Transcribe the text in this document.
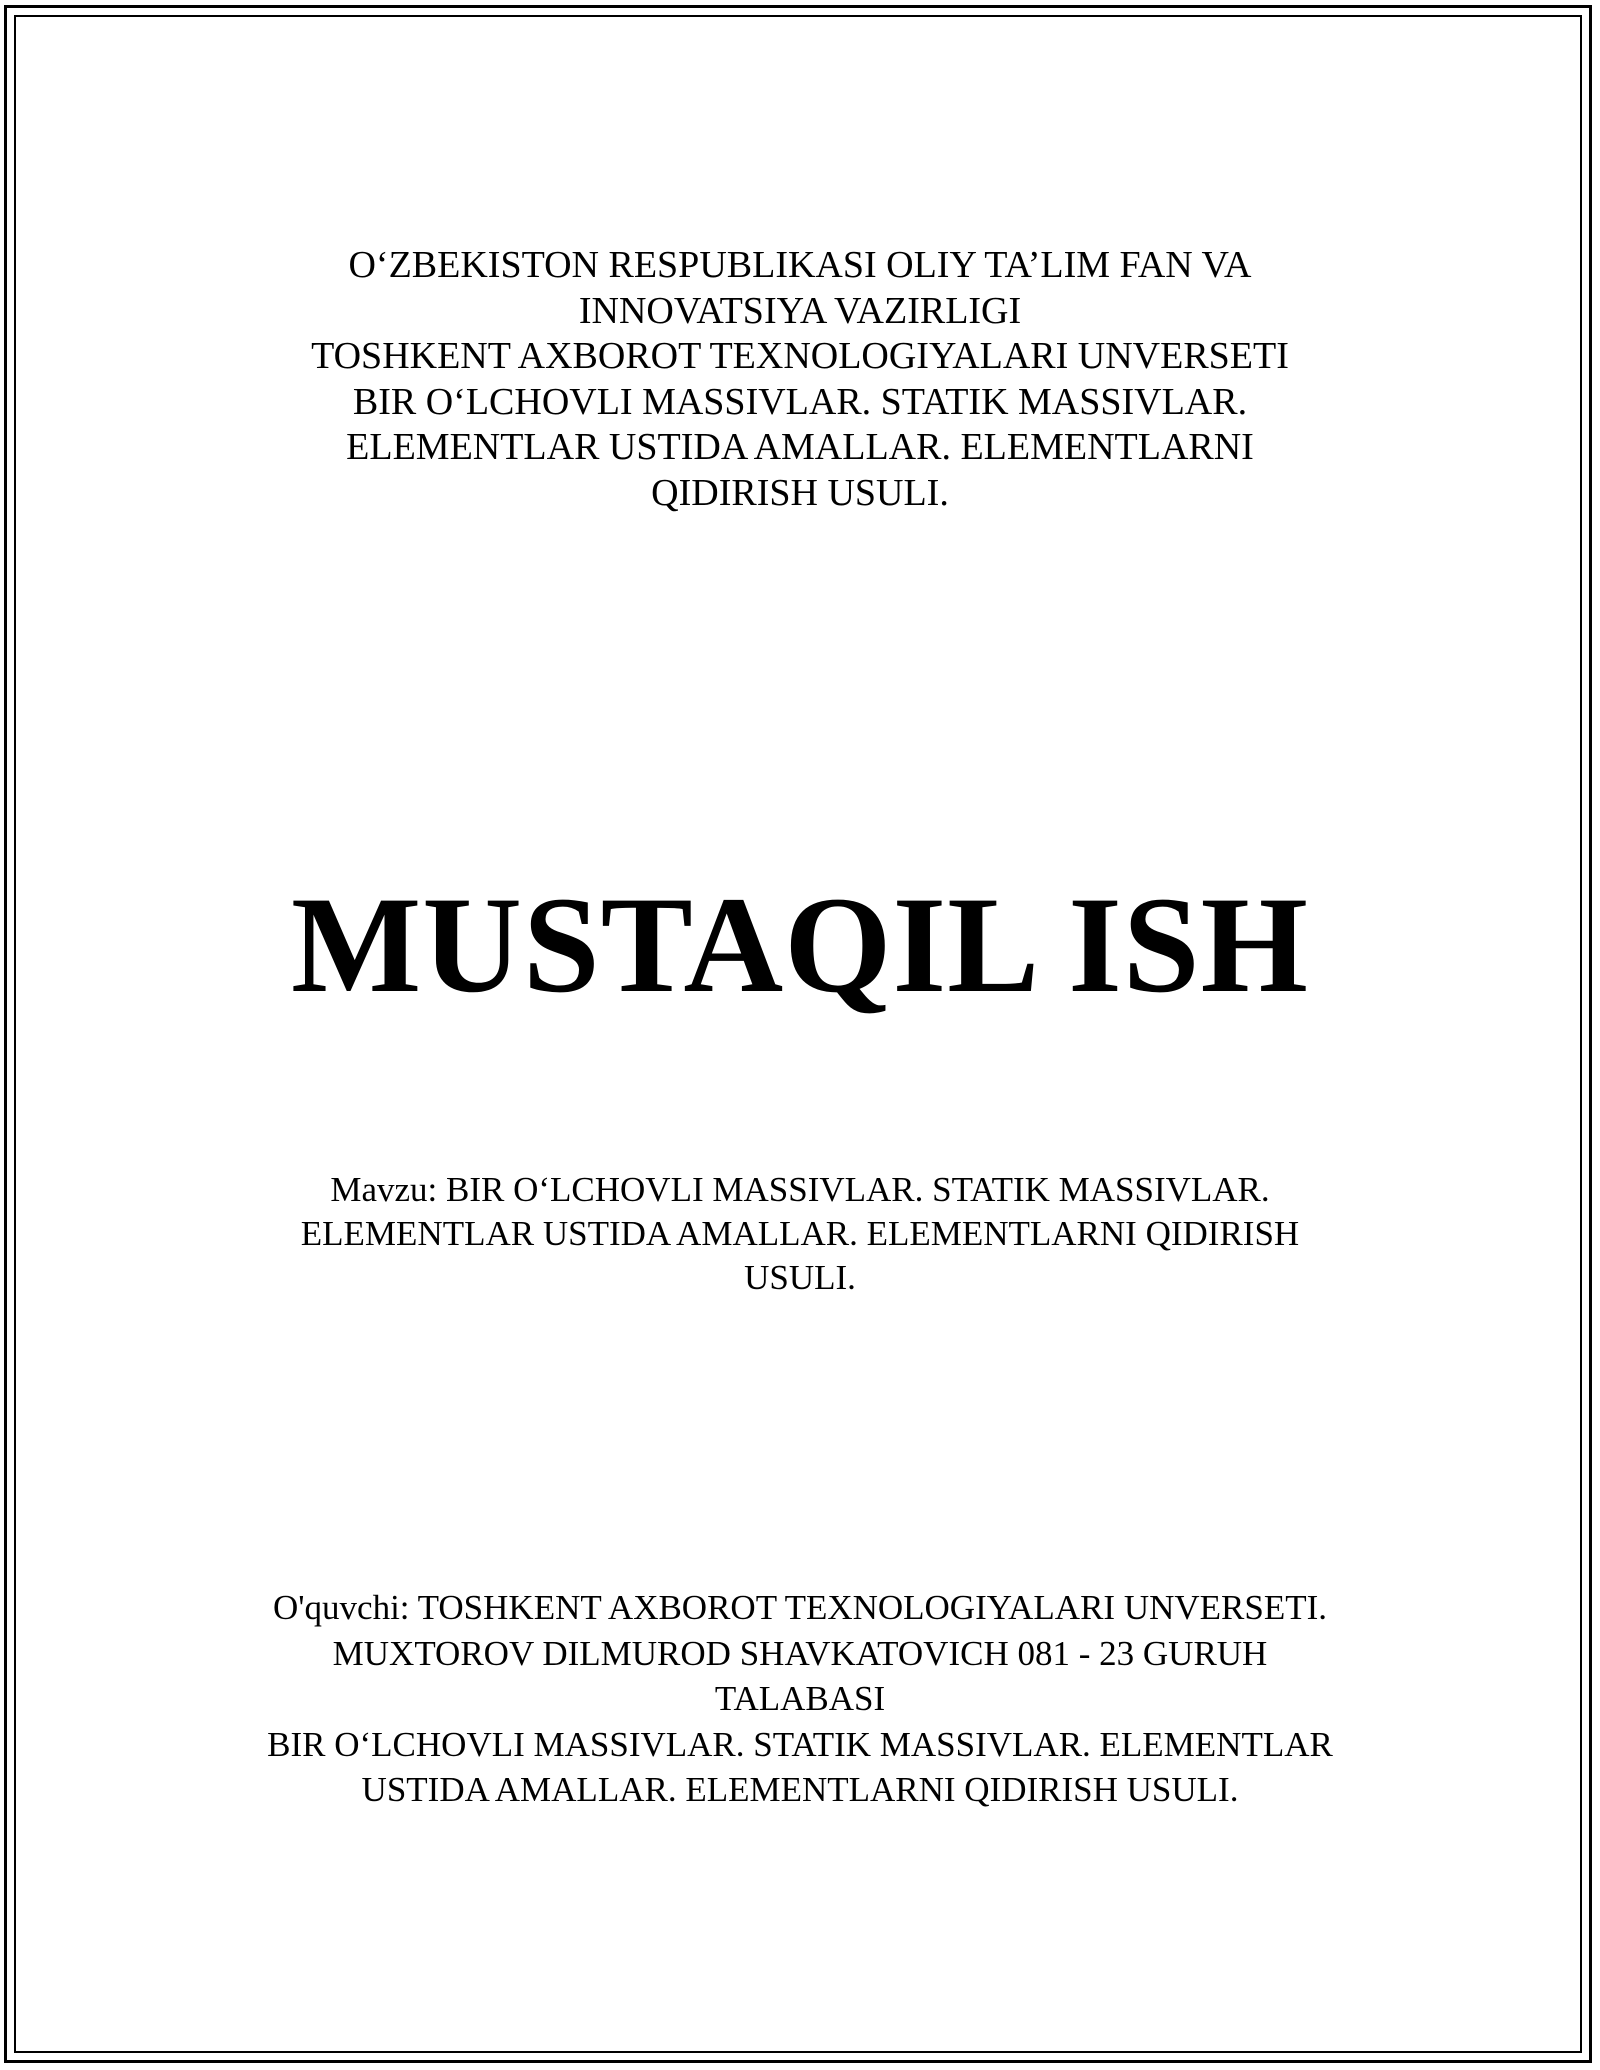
O‘ZBEKISTON RESPUBLIKASI OLIY TA’LIM FAN VA
INNOVATSIYA VAZIRLIGI
TOSHKENT AXBOROT TEXNOLOGIYALARI UNVERSETI
BIR O‘LCHOVLI MASSIVLAR. STATIK MASSIVLAR.
ELEMENTLAR USTIDA AMALLAR. ELEMENTLARNI
QIDIRISH USULI.
MUSTAQIL ISH
Mavzu: BIR O‘LCHOVLI MASSIVLAR. STATIK MASSIVLAR.
ELEMENTLAR USTIDA AMALLAR. ELEMENTLARNI QIDIRISH
USULI.
O'quvchi: TOSHKENT AXBOROT TEXNOLOGIYALARI UNVERSETI.
MUXTOROV DILMUROD SHAVKATOVICH 081 - 23 GURUH
TALABASI
BIR O‘LCHOVLI MASSIVLAR. STATIK MASSIVLAR. ELEMENTLAR
USTIDA AMALLAR. ELEMENTLARNI QIDIRISH USULI.
